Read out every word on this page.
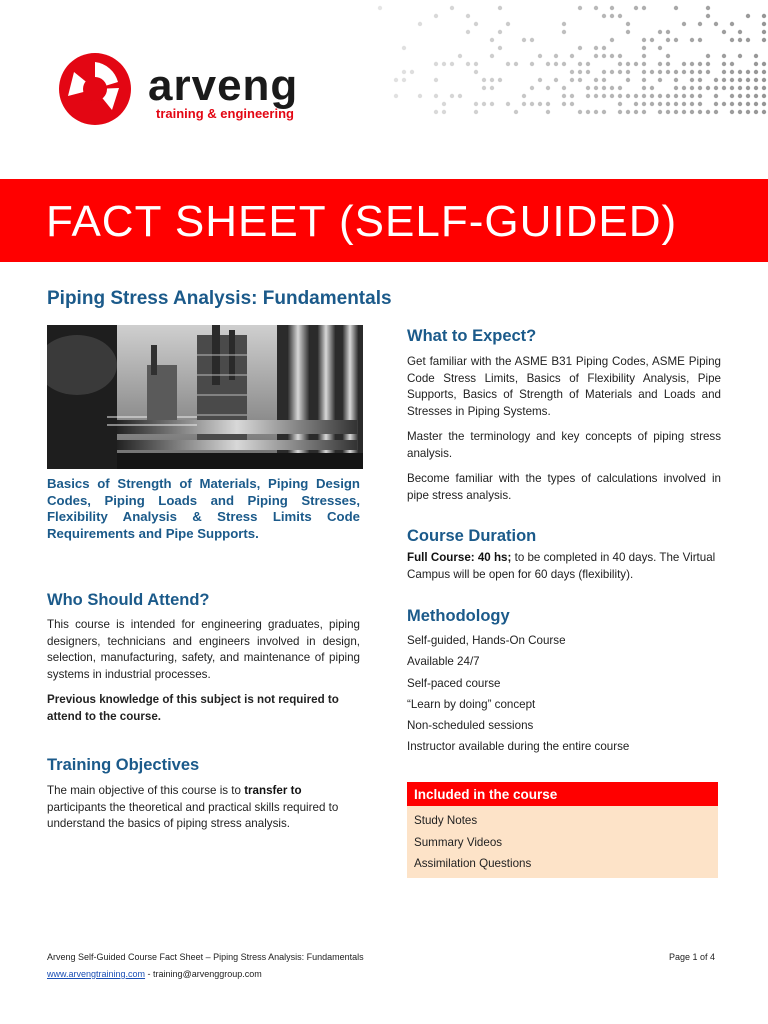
arveng
training & engineering
FACT SHEET (SELF-GUIDED)
Piping Stress Analysis: Fundamentals
Basics of Strength of Materials, Piping Design Codes, Piping Loads and Piping Stresses, Flexibility Analysis & Stress Limits Code Requirements and Pipe Supports.
Who Should Attend?
This course is intended for engineering graduates, piping designers, technicians and engineers involved in design, selection, manufacturing, safety, and maintenance of piping systems in industrial processes.
Previous knowledge of this subject is not required to attend to the course.
Training Objectives
The main objective of this course is to transfer to participants the theoretical and practical skills required to understand the basics of piping stress analysis.
What to Expect?
Get familiar with the ASME B31 Piping Codes, ASME Piping Code Stress Limits, Basics of Flexibility Analysis, Pipe Supports, Basics of Strength of Materials and Loads and Stresses in Piping Systems.
Master the terminology and key concepts of piping stress analysis.
Become familiar with the types of calculations involved in pipe stress analysis.
Course Duration
Full Course: 40 hs; to be completed in 40 days. The Virtual Campus will be open for 60 days (flexibility).
Methodology
Self-guided, Hands-On Course
Available 24/7
Self-paced course
“Learn by doing” concept
Non-scheduled sessions
Instructor available during the entire course
Included in the course
Study Notes
Summary Videos
Assimilation Questions
Arveng Self-Guided Course Fact Sheet – Piping Stress Analysis: Fundamentals	Page 1 of 4
www.arvengtraining.com - training@arvenggroup.com
